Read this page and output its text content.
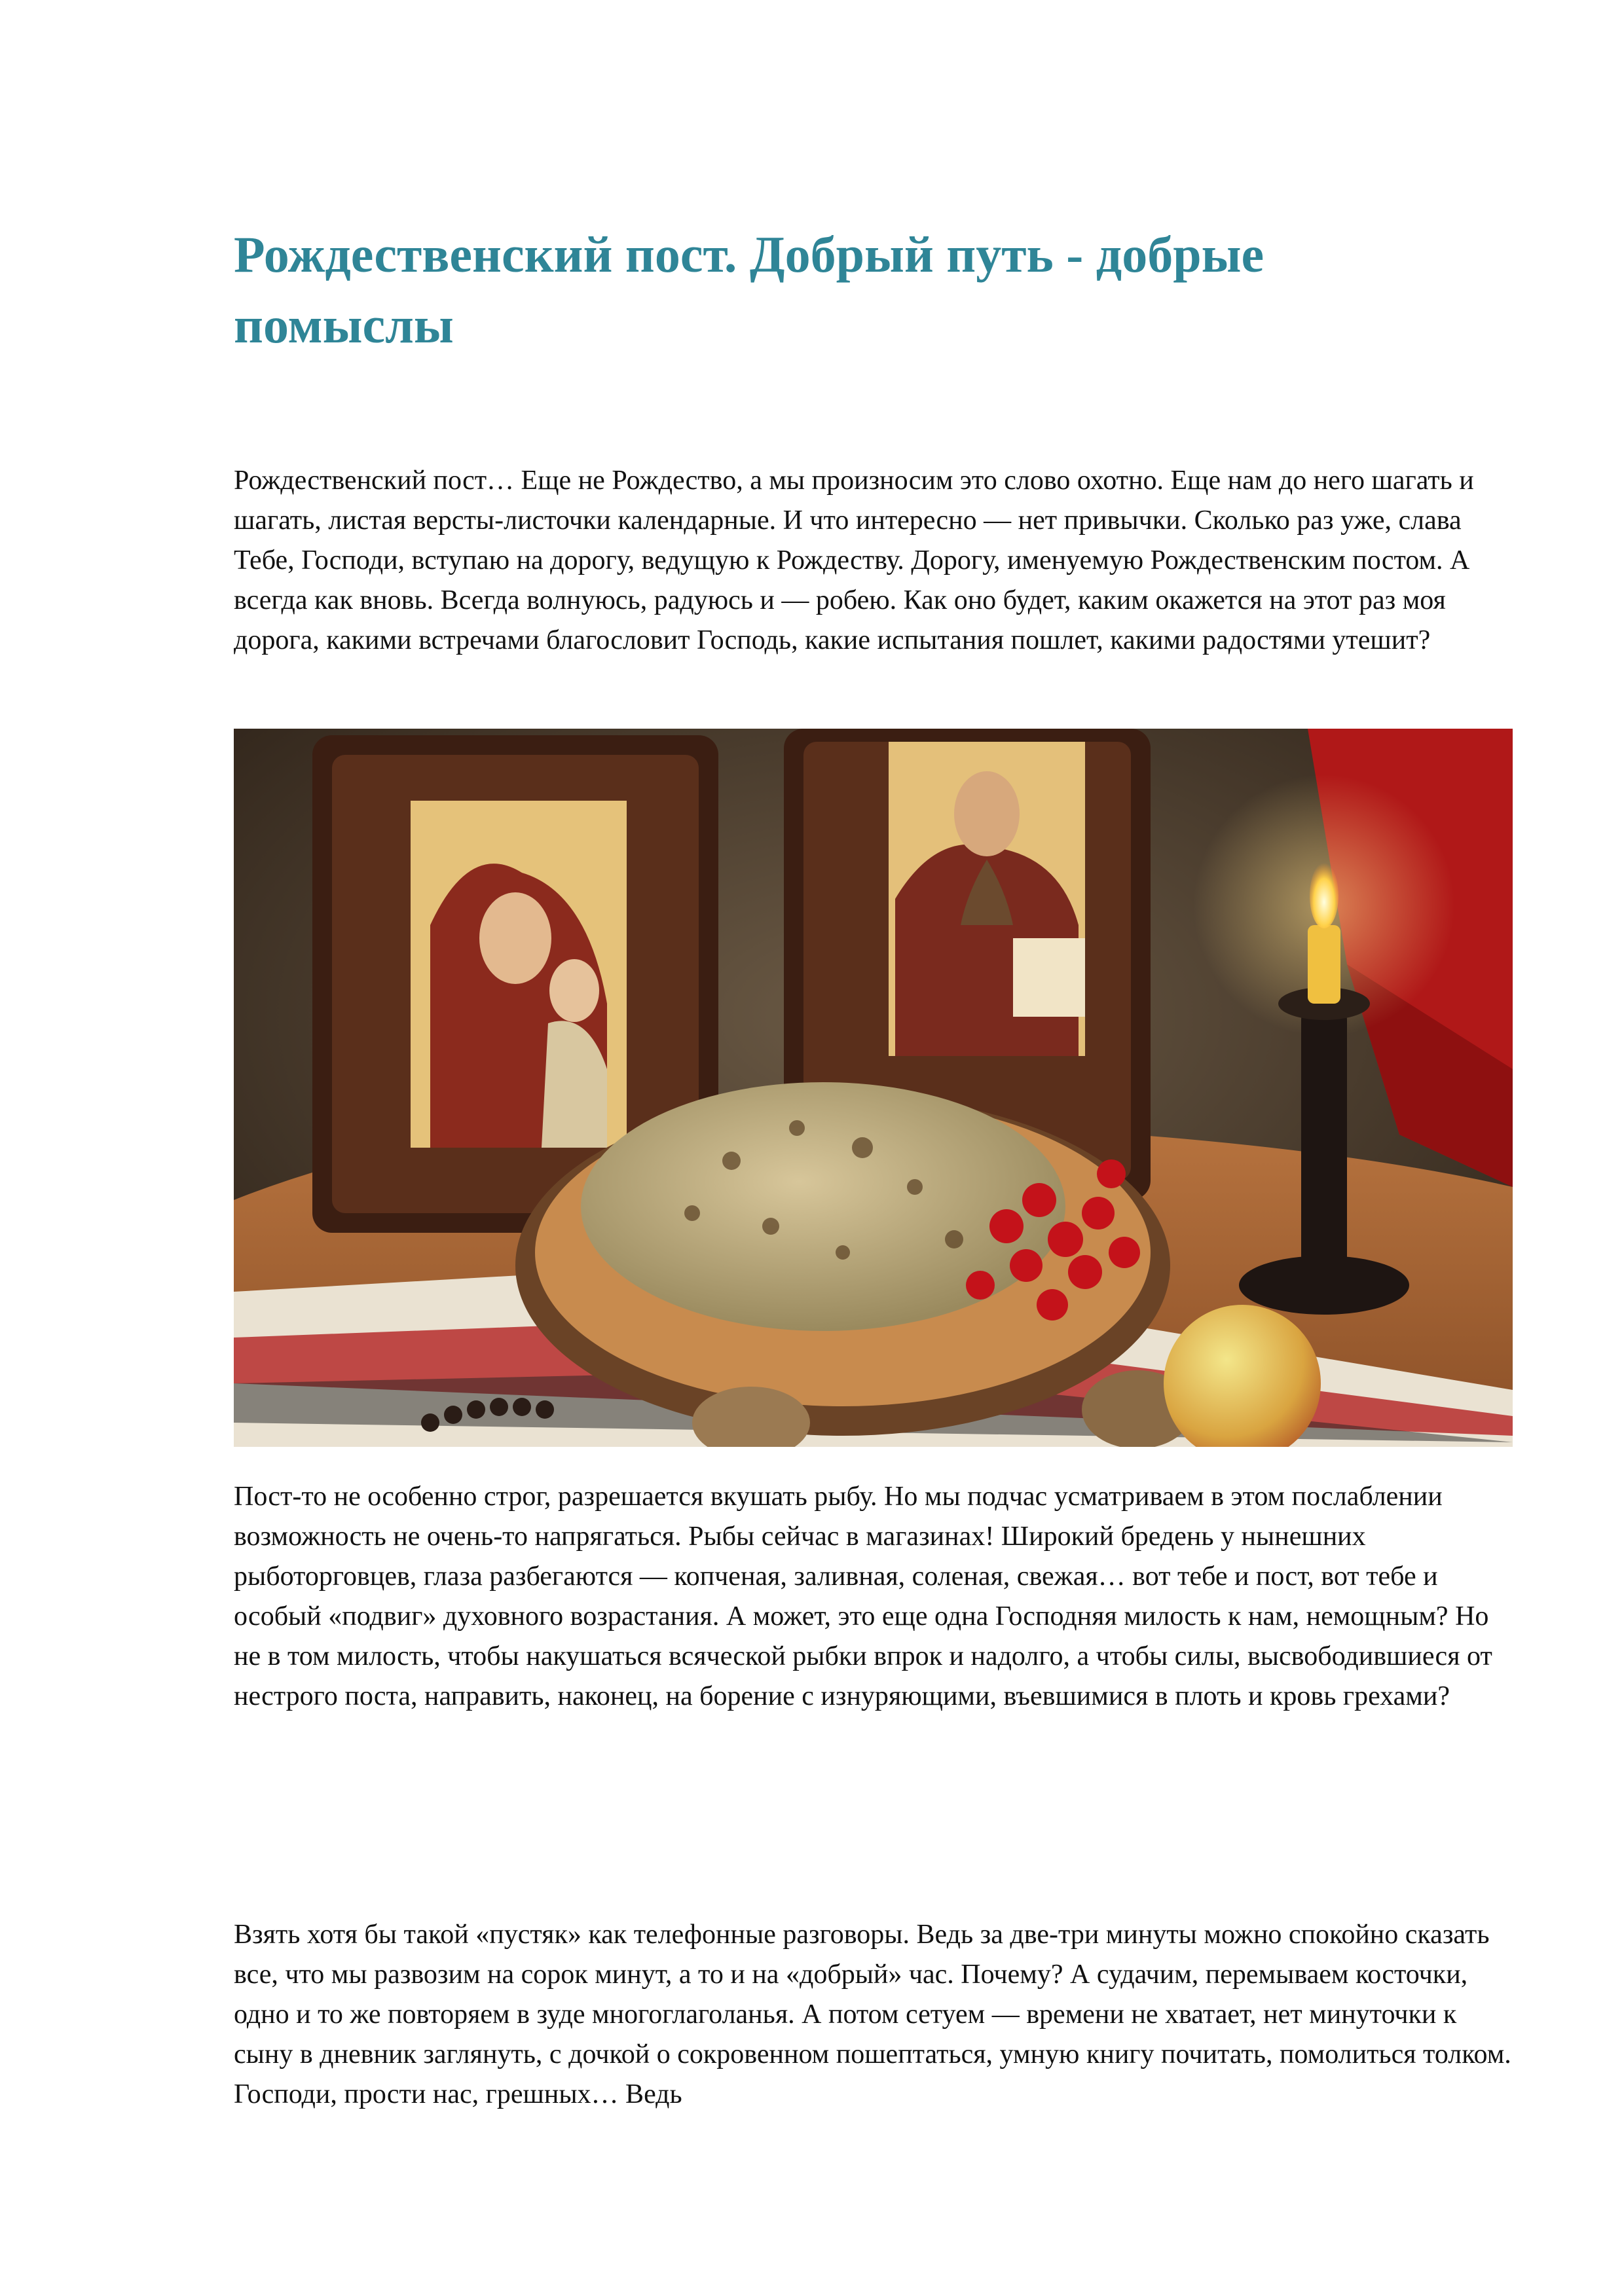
Рождественский пост. Добрый путь - добрые помыслы

Рождественский пост… Еще не Рождество, а мы произносим это слово охотно. Еще нам до него шагать и шагать, листая версты-листочки календарные. И что интересно — нет привычки. Сколько раз уже, слава Тебе, Господи, вступаю на дорогу, ведущую к Рождеству. Дорогу, именуемую Рождественским постом. А всегда как вновь. Всегда волнуюсь, радуюсь и — робею. Как оно будет, каким окажется на этот раз моя дорога, какими встречами благословит Господь, какие испытания пошлет, какими радостями утешит?

Пост-то не особенно строг, разрешается вкушать рыбу. Но мы подчас усматриваем в этом послаблении возможность не очень-то напрягаться. Рыбы сейчас в магазинах! Широкий бредень у нынешних рыботорговцев, глаза разбегаются — копченая, заливная, соленая, свежая… вот тебе и пост, вот тебе и особый «подвиг» духовного возрастания. А может, это еще одна Господняя милость к нам, немощным? Но не в том милость, чтобы накушаться всяческой рыбки впрок и надолго, а чтобы силы, высвободившиеся от нестрого поста, направить, наконец, на борение с изнуряющими, въевшимися в плоть и кровь грехами?

Взять хотя бы такой «пустяк» как телефонные разговоры. Ведь за две-три минуты можно спокойно сказать все, что мы развозим на сорок минут, а то и на «добрый» час. Почему? А судачим, перемываем косточки, одно и то же повторяем в зуде многоглаголанья. А потом сетуем — времени не хватает, нет минуточки к сыну в дневник заглянуть, с дочкой о сокровенном пошептаться, умную книгу почитать, помолиться толком. Господи, прости нас, грешных… Ведь
